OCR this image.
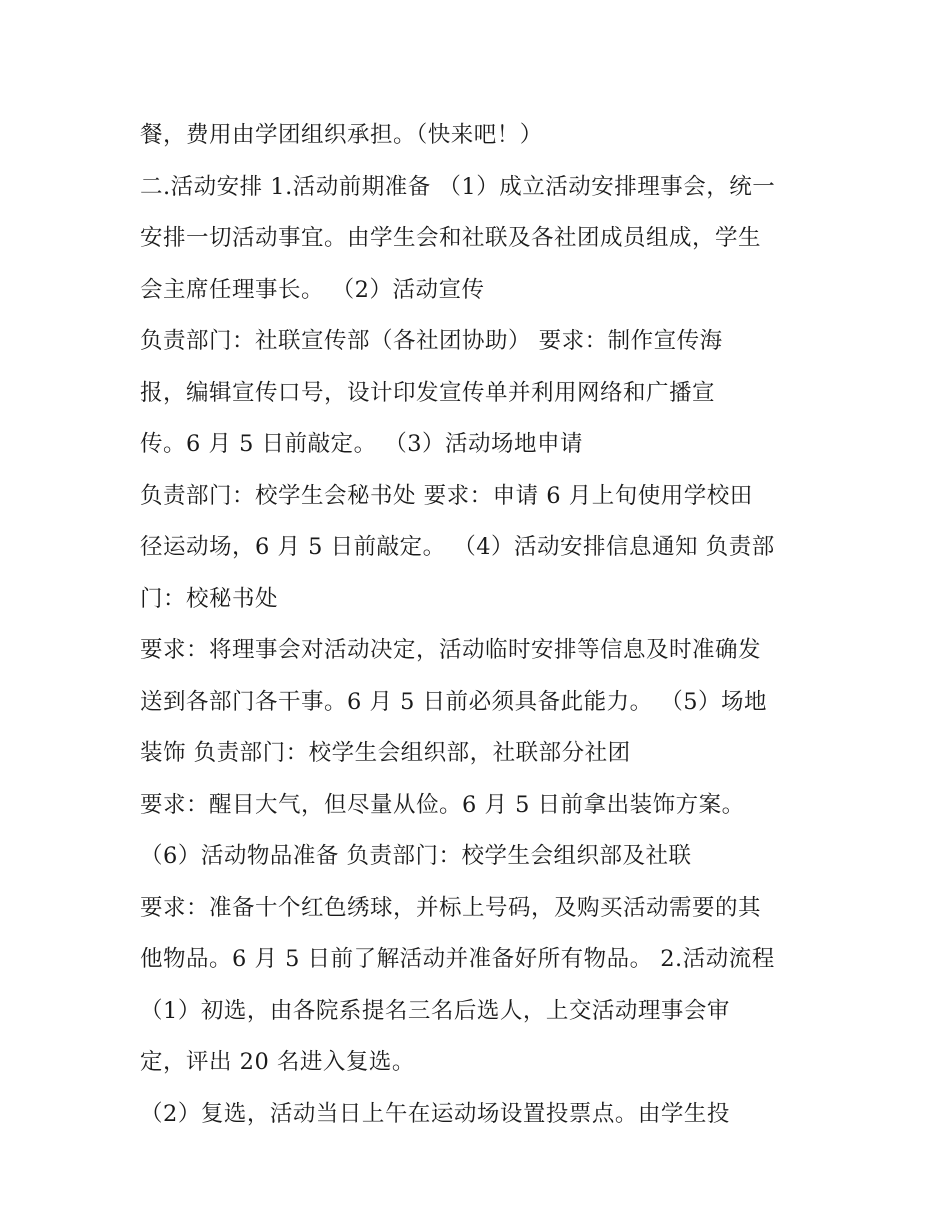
餐，费用由学团组织承担。（快来吧！）
二.活动安排 1.活动前期准备 （1）成立活动安排理事会，统一
安排一切活动事宜。由学生会和社联及各社团成员组成，学生
会主席任理事长。 （2）活动宣传
负责部门：社联宣传部（各社团协助） 要求：制作宣传海
报，编辑宣传口号，设计印发宣传单并利用网络和广播宣
传。6 月 5 日前敲定。 （3）活动场地申请
负责部门：校学生会秘书处 要求：申请 6 月上旬使用学校田
径运动场，6 月 5 日前敲定。 （4）活动安排信息通知 负责部
门：校秘书处
要求：将理事会对活动决定，活动临时安排等信息及时准确发
送到各部门各干事。6 月 5 日前必须具备此能力。 （5）场地
装饰 负责部门：校学生会组织部，社联部分社团
要求：醒目大气，但尽量从俭。6 月 5 日前拿出装饰方案。
（6）活动物品准备 负责部门：校学生会组织部及社联
要求：准备十个红色绣球，并标上号码，及购买活动需要的其
他物品。6 月 5 日前了解活动并准备好所有物品。 2.活动流程
（1）初选，由各院系提名三名后选人，上交活动理事会审
定，评出 20 名进入复选。
（2）复选，活动当日上午在运动场设置投票点。由学生投
